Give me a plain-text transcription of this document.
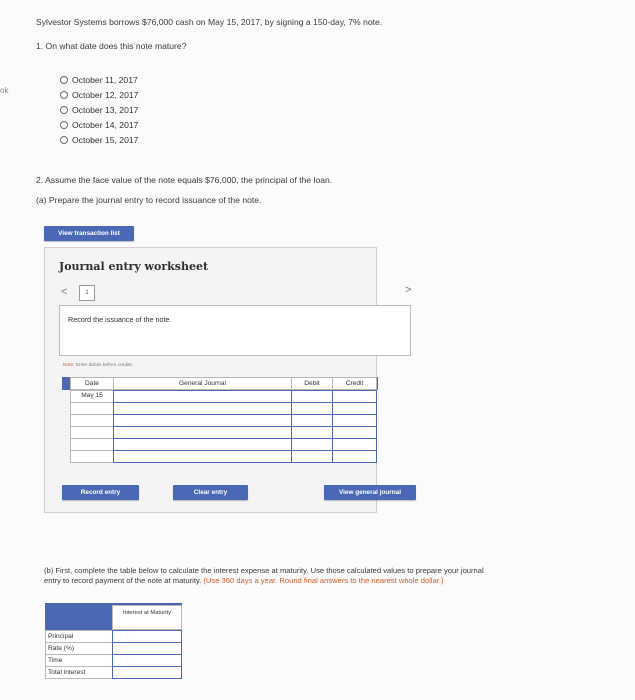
Sylvestor Systems borrows $76,000 cash on May 15, 2017, by signing a 150-day, 7% note.
1. On what date does this note mature?
ok
October 11, 2017
October 12, 2017
October 13, 2017
October 14, 2017
October 15, 2017
2. Assume the face value of the note equals $76,000, the principal of the loan.
(a) Prepare the journal entry to record issuance of the note.
View transaction list
Journal entry worksheet
<	1	>
Record the issuance of the note.
Note: Enter debits before credits.
Date	General Journal	Debit	Credit
May 15
Record entry	Clear entry	View general journal
(b) First, complete the table below to calculate the interest expense at maturity. Use those calculated values to prepare your journal
entry to record payment of the note at maturity. (Use 360 days a year. Round final answers to the nearest whole dollar.)
Interest at Maturity
Principal
Rate (%)
Time
Total interest
